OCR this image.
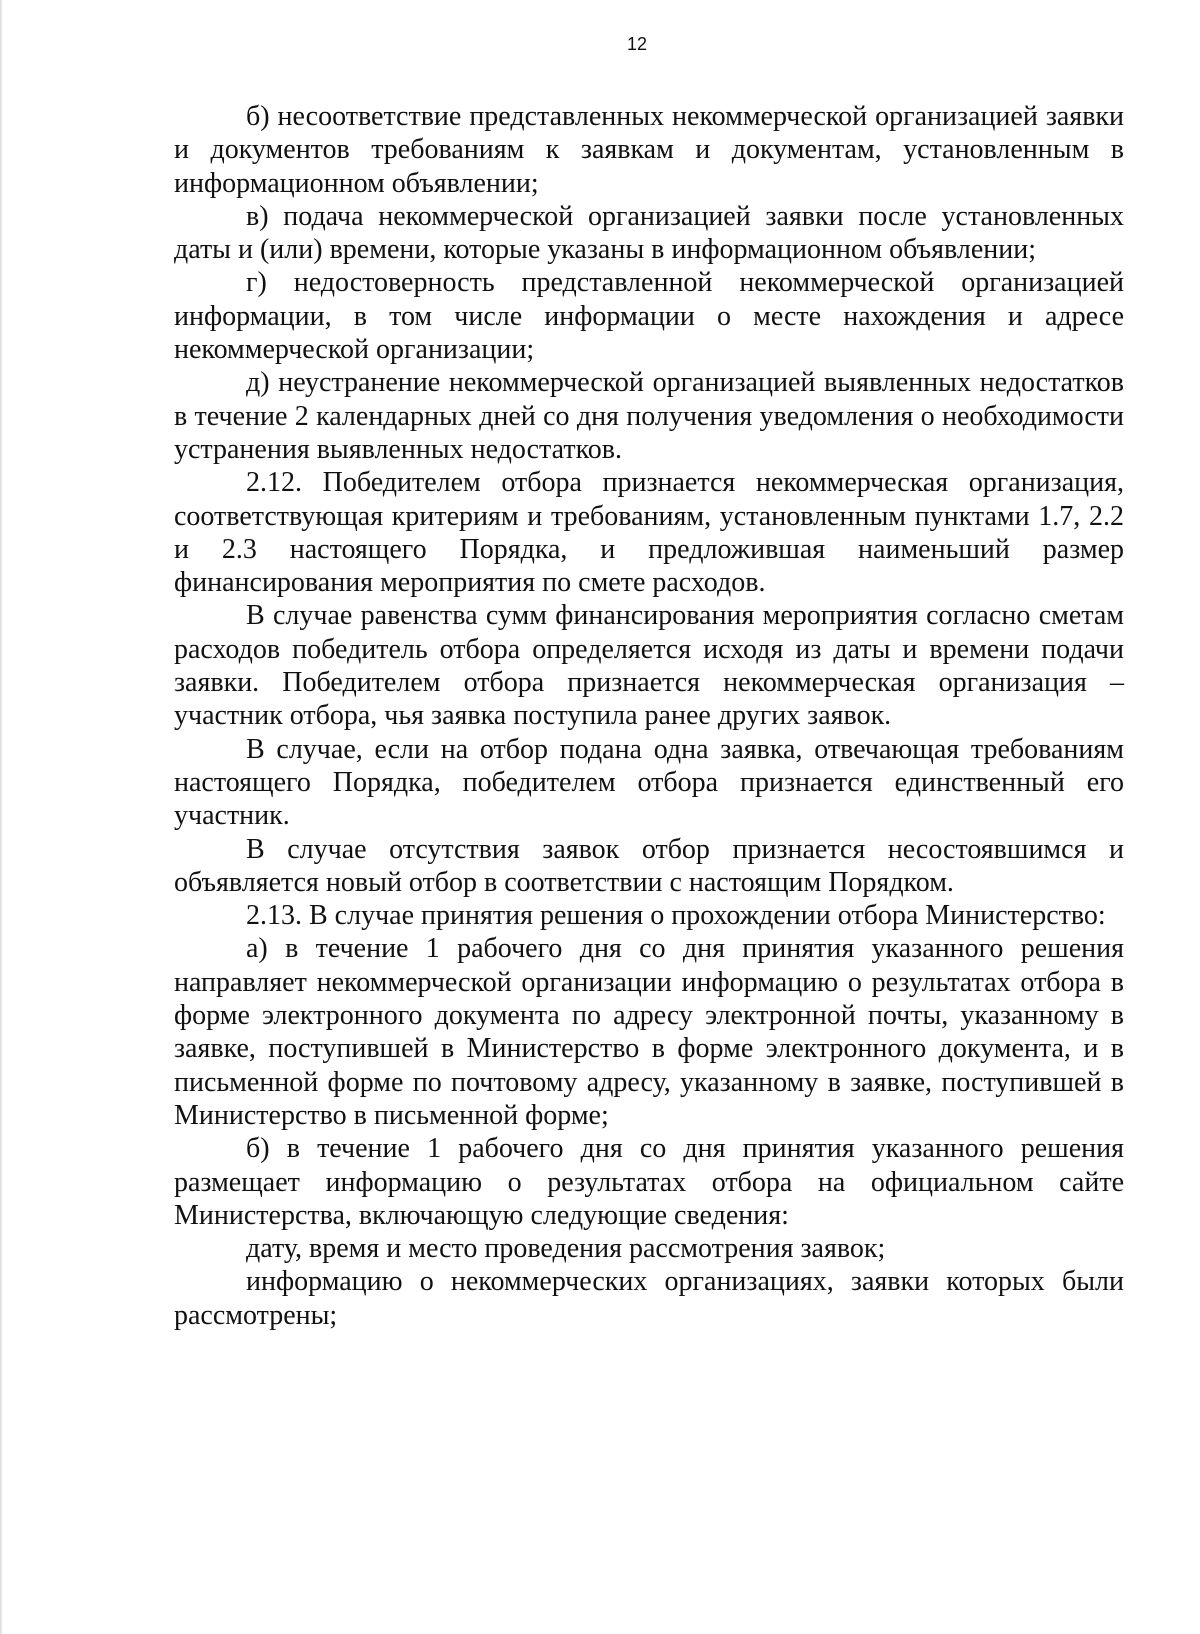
12

б) несоответствие представленных некоммерческой организацией заявки и документов требованиям к заявкам и документам, установленным в информационном объявлении;

в) подача некоммерческой организацией заявки после установленных даты и (или) времени, которые указаны в информационном объявлении;

г) недостоверность представленной некоммерческой организацией информации, в том числе информации о месте нахождения и адресе некоммерческой организации;

д) неустранение некоммерческой организацией выявленных недостатков в течение 2 календарных дней со дня получения уведомления о необходимости устранения выявленных недостатков.

2.12. Победителем отбора признается некоммерческая организация, соответствующая критериям и требованиям, установленным пунктами 1.7, 2.2 и 2.3 настоящего Порядка, и предложившая наименьший размер финансирования мероприятия по смете расходов.

В случае равенства сумм финансирования мероприятия согласно сметам расходов победитель отбора определяется исходя из даты и времени подачи заявки. Победителем отбора признается некоммерческая организация – участник отбора, чья заявка поступила ранее других заявок.

В случае, если на отбор подана одна заявка, отвечающая требованиям настоящего Порядка, победителем отбора признается единственный его участник.

В случае отсутствия заявок отбор признается несостоявшимся и объявляется новый отбор в соответствии с настоящим Порядком.

2.13. В случае принятия решения о прохождении отбора Министерство:

а) в течение 1 рабочего дня со дня принятия указанного решения направляет некоммерческой организации информацию о результатах отбора в форме электронного документа по адресу электронной почты, указанному в заявке, поступившей в Министерство в форме электронного документа, и в письменной форме по почтовому адресу, указанному в заявке, поступившей в Министерство в письменной форме;

б) в течение 1 рабочего дня со дня принятия указанного решения размещает информацию о результатах отбора на официальном сайте Министерства, включающую следующие сведения:

дату, время и место проведения рассмотрения заявок;

информацию о некоммерческих организациях, заявки которых были рассмотрены;
